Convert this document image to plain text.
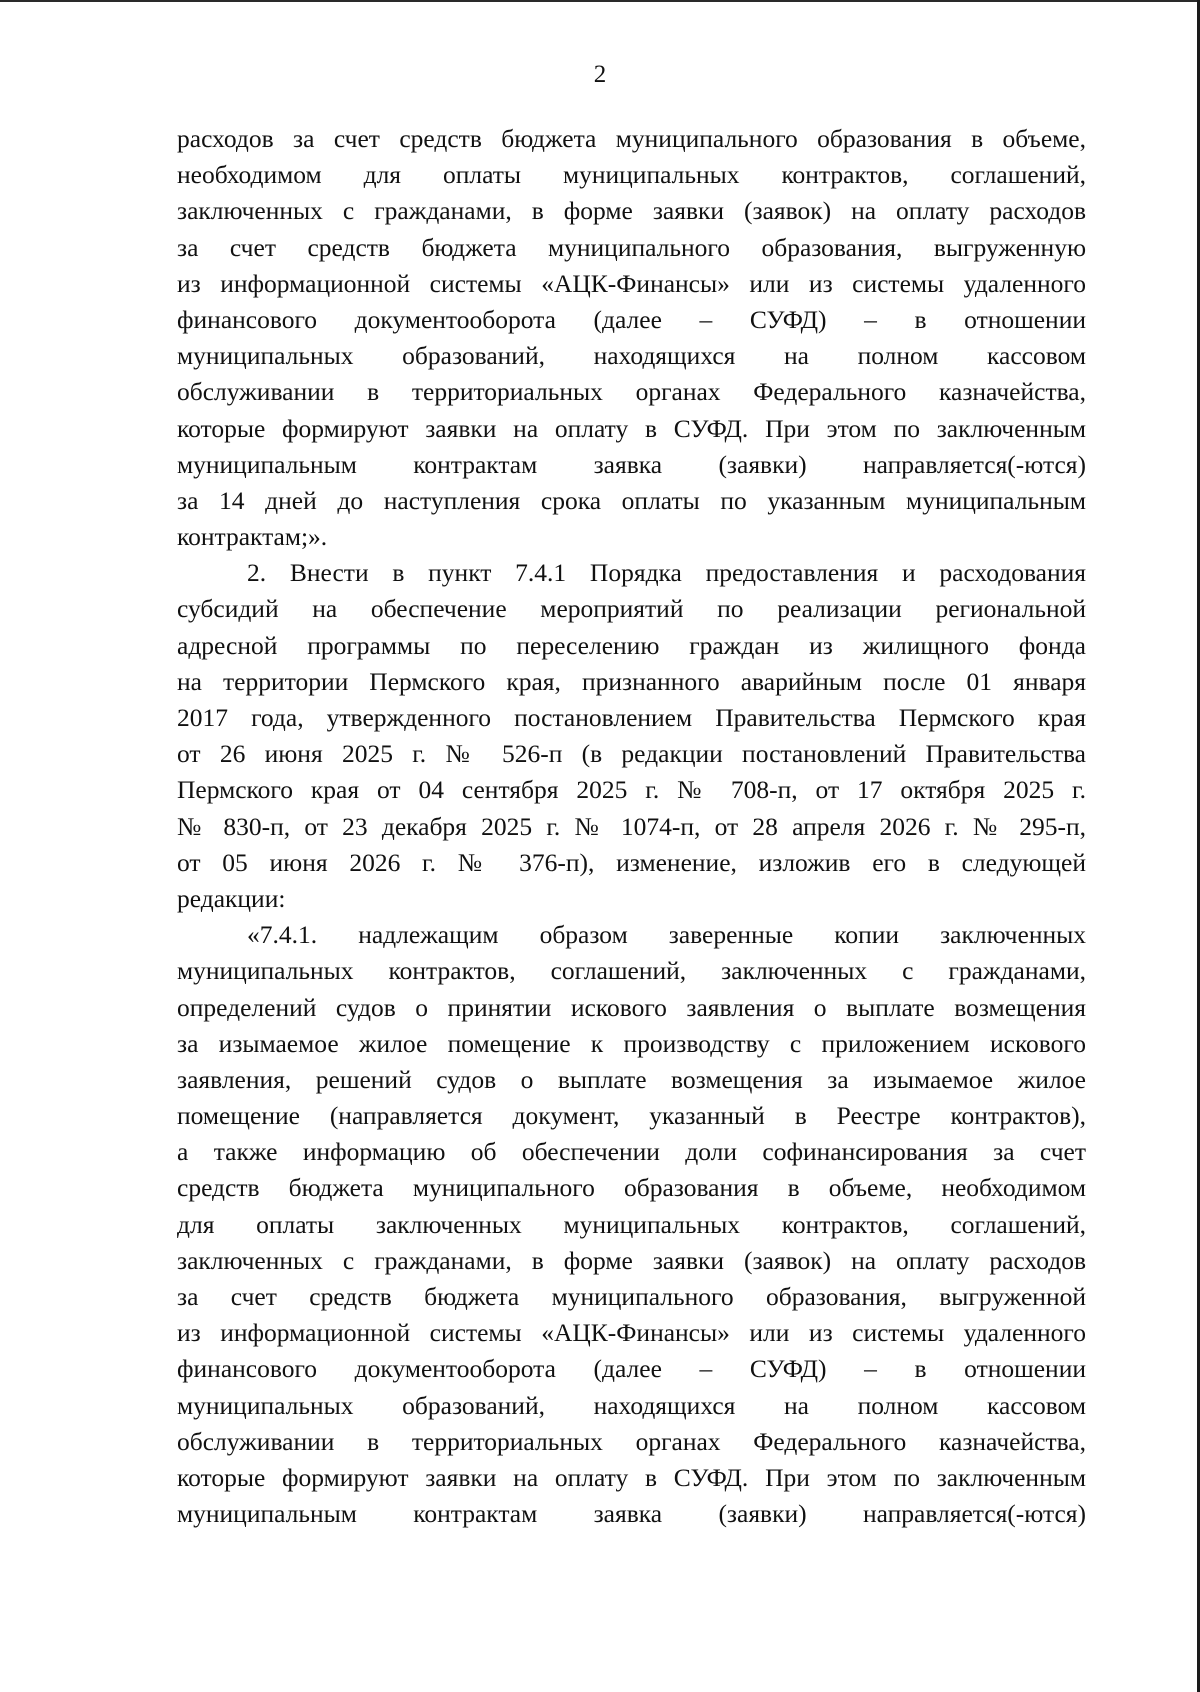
2
расходов за счет средств бюджета муниципального образования в объеме,
необходимом для оплаты муниципальных контрактов, соглашений,
заключенных с гражданами, в форме заявки (заявок) на оплату расходов
за счет средств бюджета муниципального образования, выгруженную
из информационной системы «АЦК-Финансы» или из системы удаленного
финансового документооборота (далее – СУФД) – в отношении
муниципальных образований, находящихся на полном кассовом
обслуживании в территориальных органах Федерального казначейства,
которые формируют заявки на оплату в СУФД. При этом по заключенным
муниципальным контрактам заявка (заявки) направляется(-ются)
за 14 дней до наступления срока оплаты по указанным муниципальным
контрактам;».
2. Внести в пункт 7.4.1 Порядка предоставления и расходования
субсидий на обеспечение мероприятий по реализации региональной
адресной программы по переселению граждан из жилищного фонда
на территории Пермского края, признанного аварийным после 01 января
2017 года, утвержденного постановлением Правительства Пермского края
от 26 июня 2025 г. № 526-п (в редакции постановлений Правительства
Пермского края от 04 сентября 2025 г. № 708-п, от 17 октября 2025 г.
№ 830-п, от 23 декабря 2025 г. № 1074-п, от 28 апреля 2026 г. № 295-п,
от 05 июня 2026 г. № 376-п), изменение, изложив его в следующей
редакции:
«7.4.1. надлежащим образом заверенные копии заключенных
муниципальных контрактов, соглашений, заключенных с гражданами,
определений судов о принятии искового заявления о выплате возмещения
за изымаемое жилое помещение к производству с приложением искового
заявления, решений судов о выплате возмещения за изымаемое жилое
помещение (направляется документ, указанный в Реестре контрактов),
а также информацию об обеспечении доли софинансирования за счет
средств бюджета муниципального образования в объеме, необходимом
для оплаты заключенных муниципальных контрактов, соглашений,
заключенных с гражданами, в форме заявки (заявок) на оплату расходов
за счет средств бюджета муниципального образования, выгруженной
из информационной системы «АЦК-Финансы» или из системы удаленного
финансового документооборота (далее – СУФД) – в отношении
муниципальных образований, находящихся на полном кассовом
обслуживании в территориальных органах Федерального казначейства,
которые формируют заявки на оплату в СУФД. При этом по заключенным
муниципальным контрактам заявка (заявки) направляется(-ются)
